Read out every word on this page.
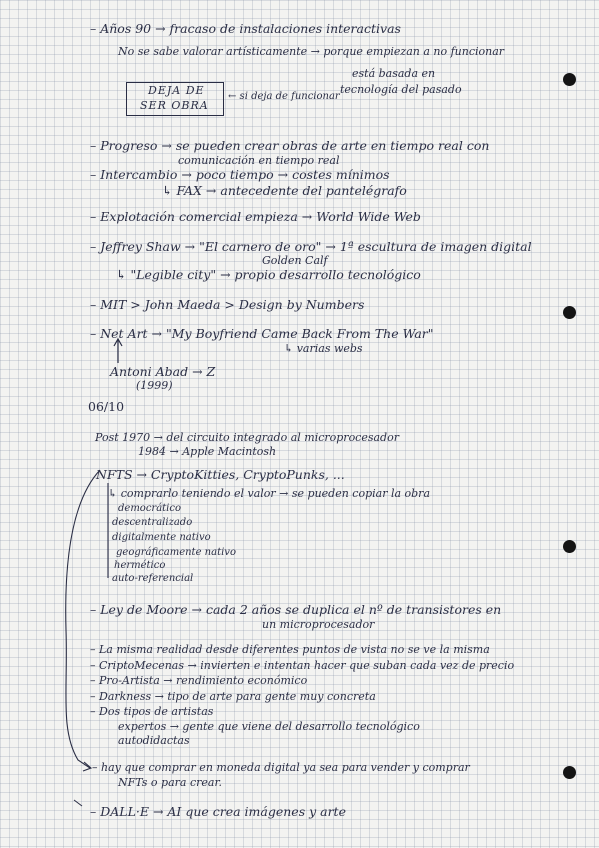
DEJA DE
SER OBRA
– Años 90 → fracaso de instalaciones interactivas
No se sabe valorar artísticamente → porque empiezan a no funcionar
está basada en
tecnología del pasado
← si deja de funcionar
– Progreso → se pueden crear obras de arte en tiempo real con
comunicación en tiempo real
– Intercambio → poco tiempo → costes mínimos
↳ FAX → antecedente del pantelégrafo
– Explotación comercial empieza → World Wide Web
– Jeffrey Shaw → "El carnero de oro" → 1ª escultura de imagen digital
Golden Calf
↳ "Legible city" → propio desarrollo tecnológico
– MIT > John Maeda > Design by Numbers
– Net Art → "My Boyfriend Came Back From The War"
↳ varias webs
Antoni Abad → Z
(1999)
06/10
Post 1970 → del circuito integrado al microprocesador
1984 → Apple Macintosh
NFTS → CryptoKitties, CryptoPunks, ...
↳ comprarlo teniendo el valor → se pueden copiar la obra
democrático
descentralizado
digitalmente nativo
geográficamente nativo
hermético
auto-referencial
– Ley de Moore → cada 2 años se duplica el nº de transistores en
un microprocesador
– La misma realidad desde diferentes puntos de vista no se ve la misma
– CriptoMecenas → invierten e intentan hacer que suban cada vez de precio
– Pro-Artista → rendimiento económico
– Darkness → tipo de arte para gente muy concreta
– Dos tipos de artistas
expertos → gente que viene del desarrollo tecnológico
autodidactas
– hay que comprar en moneda digital ya sea para vender y comprar
NFTs o para crear.
– DALL·E → AI que crea imágenes y arte
